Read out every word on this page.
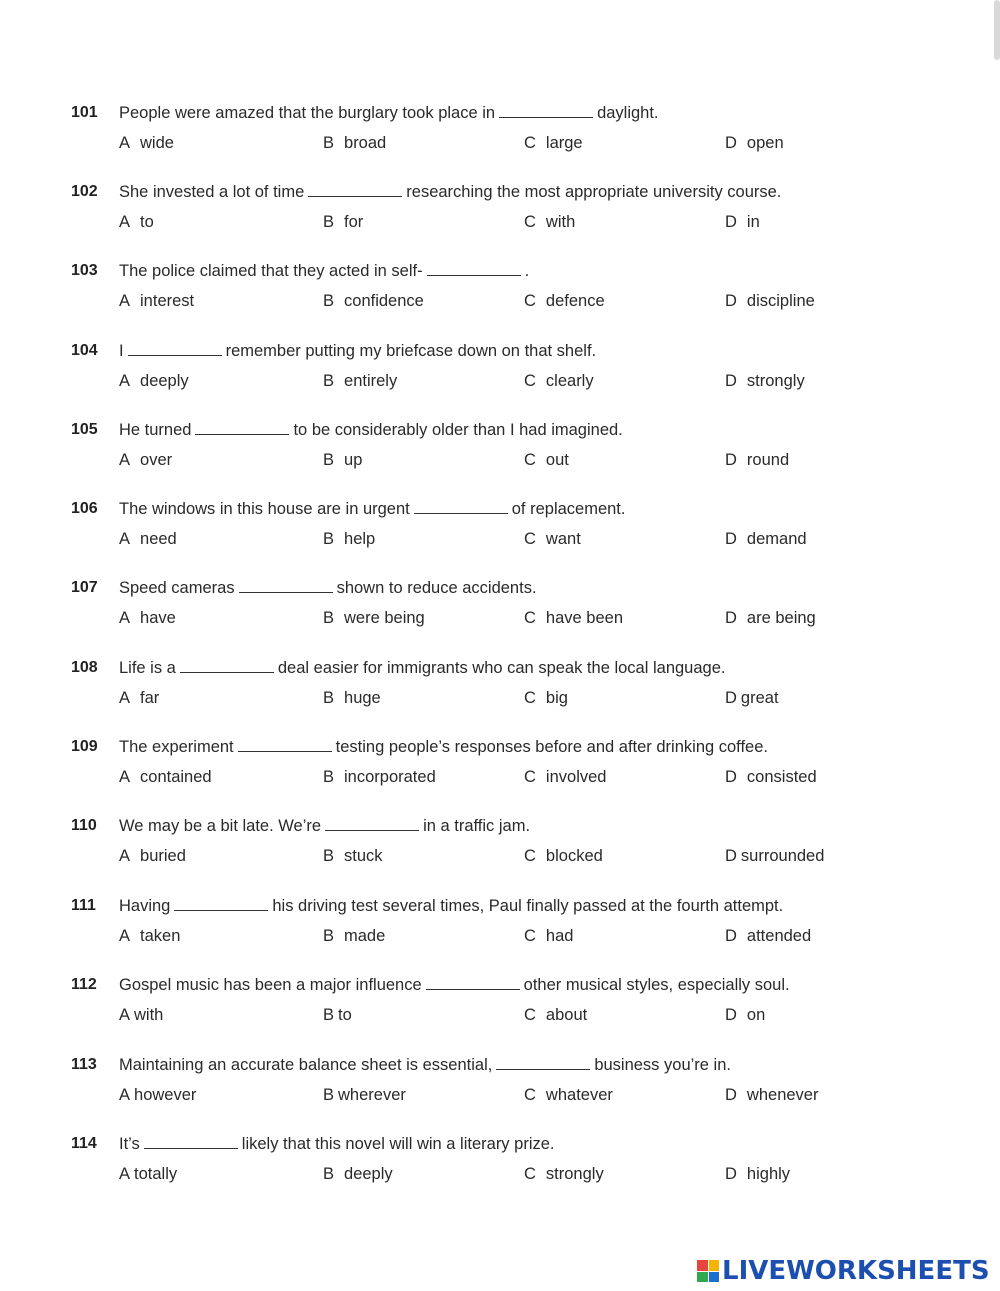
101 People were amazed that the burglary took place in	daylight.
A wide	B broad	C large	D open
102 She invested a lot of time	researching the most appropriate university course.
A to	B for	C with	D in
103 The police claimed that they acted in self-	.
A interest	B confidence	C defence	D discipline
104 I	remember putting my briefcase down on that shelf.
A deeply	B entirely	C clearly	D strongly
105 He turned	to be considerably older than I had imagined.
A over	B up	C out	D round
106 The windows in this house are in urgent	of replacement.
A need	B help	C want	D demand
107 Speed cameras	shown to reduce accidents.
A have	B were being	C have been	D are being
108 Life is a	deal easier for immigrants who can speak the local language.
A far	B huge	C big	D great
109 The experiment	testing people’s responses before and after drinking coffee.
A contained	B incorporated	C involved	D consisted
110 We may be a bit late. We’re	in a traffic jam.
A buried	B stuck	C blocked	D surrounded
111 Having	his driving test several times, Paul finally passed at the fourth attempt.
A taken	B made	C had	D attended
112 Gospel music has been a major influence	other musical styles, especially soul.
A with	B to	C about	D on
113 Maintaining an accurate balance sheet is essential,	business you’re in.
A however	B wherever	C whatever	D whenever
114 It’s	likely that this novel will win a literary prize.
A totally	B deeply	C strongly	D highly
LIVEWORKSHEETS
